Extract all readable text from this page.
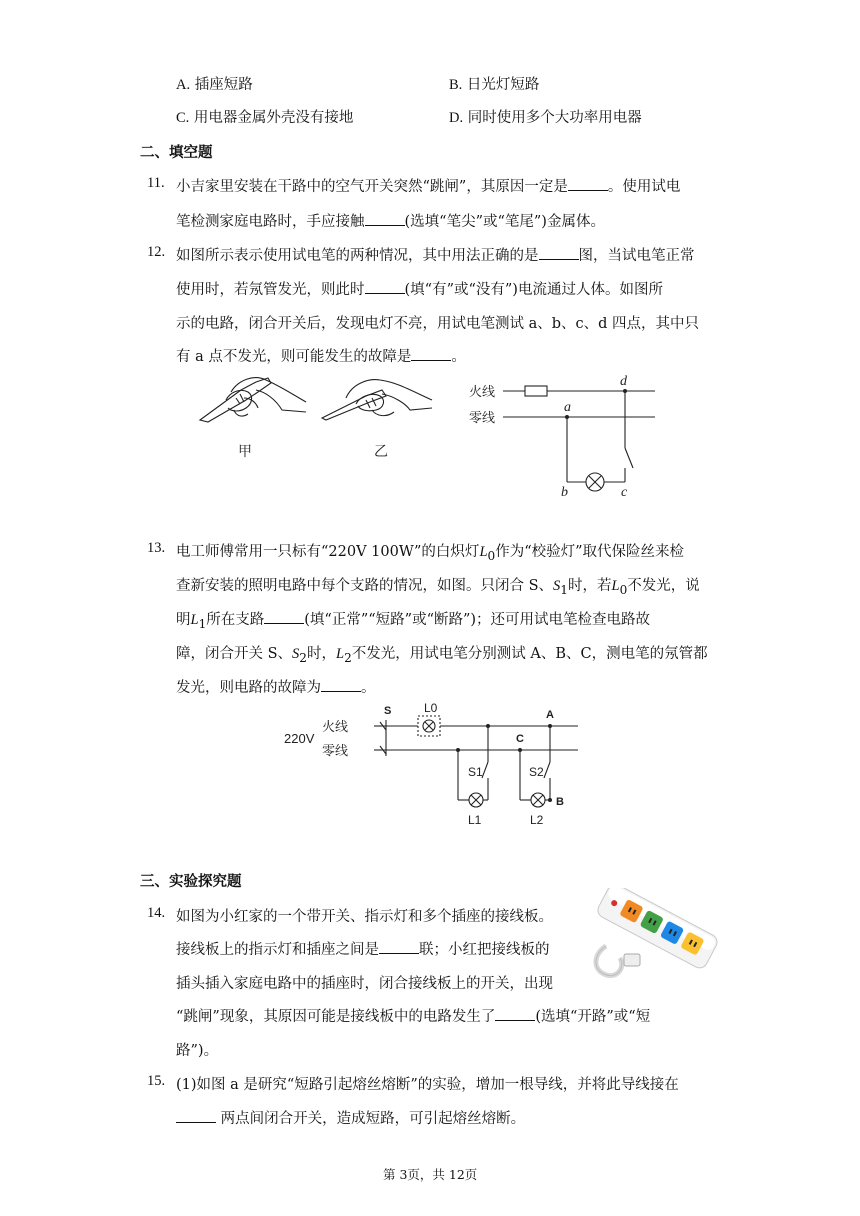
A. 插座短路	B. 日光灯短路
C. 用电器金属外壳没有接地	D. 同时使用多个大功率用电器
二、填空题
11. 小吉家里安装在干路中的空气开关突然“跳闸”，其原因一定是	。使用试电
笔检测家庭电路时，手应接触	(选填“笔尖”或“笔尾”)金属体。
12. 如图所示表示使用试电笔的两种情况，其中用法正确的是	图，当试电笔正常
使用时，若氖管发光，则此时	(填“有”或“没有”)电流通过人体。如图所
示的电路，闭合开关后，发现电灯不亮，用试电笔测试 a、b、c、d 四点，其中只
有 a 点不发光，则可能发生的故障是	。
甲	乙
火线
零线
d
a
b	c
13. 电工师傅常用一只标有“220V 100W”的白炽灯$L_0$作为“校验灯”取代保险丝来检
查新安装的照明电路中每个支路的情况，如图。只闭合 S、$S_1$时，若$L_0$不发光，说
明$L_1$所在支路	(填“正常”“短路”或“断路”)；还可用试电笔检查电路故
障，闭合开关 S、$S_2$时，$L_2$不发光，用试电笔分别测试 A、B、C，测电笔的氖管都
发光，则电路的故障为	。
220V
火线
零线
S	L0	A
C
B
S1	S2
L1	L2
三、实验探究题
14. 如图为小红家的一个带开关、指示灯和多个插座的接线板。
接线板上的指示灯和插座之间是	联；小红把接线板的
插头插入家庭电路中的插座时，闭合接线板上的开关，出现
“跳闸”现象，其原因可能是接线板中的电路发生了	(选填“开路”或“短
路”)。
15. (1)如图 a 是研究“短路引起熔丝熔断”的实验，增加一根导线，并将此导线接在
两点间闭合开关，造成短路，可引起熔丝熔断。
第 3页，共 12页
